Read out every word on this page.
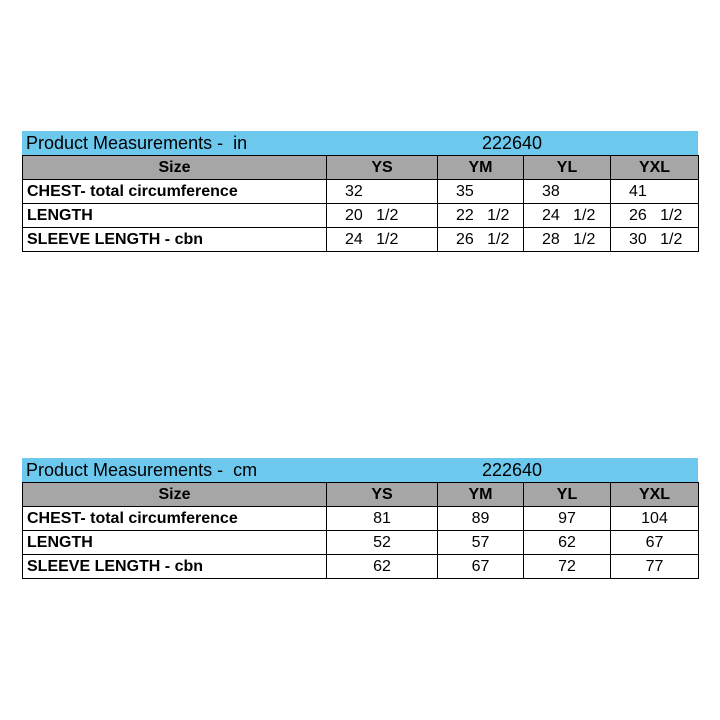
Product Measurements -  in	222640
Size	YS	YM	YL	YXL
CHEST- total circumference	32	35	38	41
LENGTH	20   1/2	22   1/2	24   1/2	26   1/2
SLEEVE LENGTH - cbn	24   1/2	26   1/2	28   1/2	30   1/2
Product Measurements -  cm	222640
Size	YS	YM	YL	YXL
CHEST- total circumference	81	89	97	104
LENGTH	52	57	62	67
SLEEVE LENGTH - cbn	62	67	72	77
